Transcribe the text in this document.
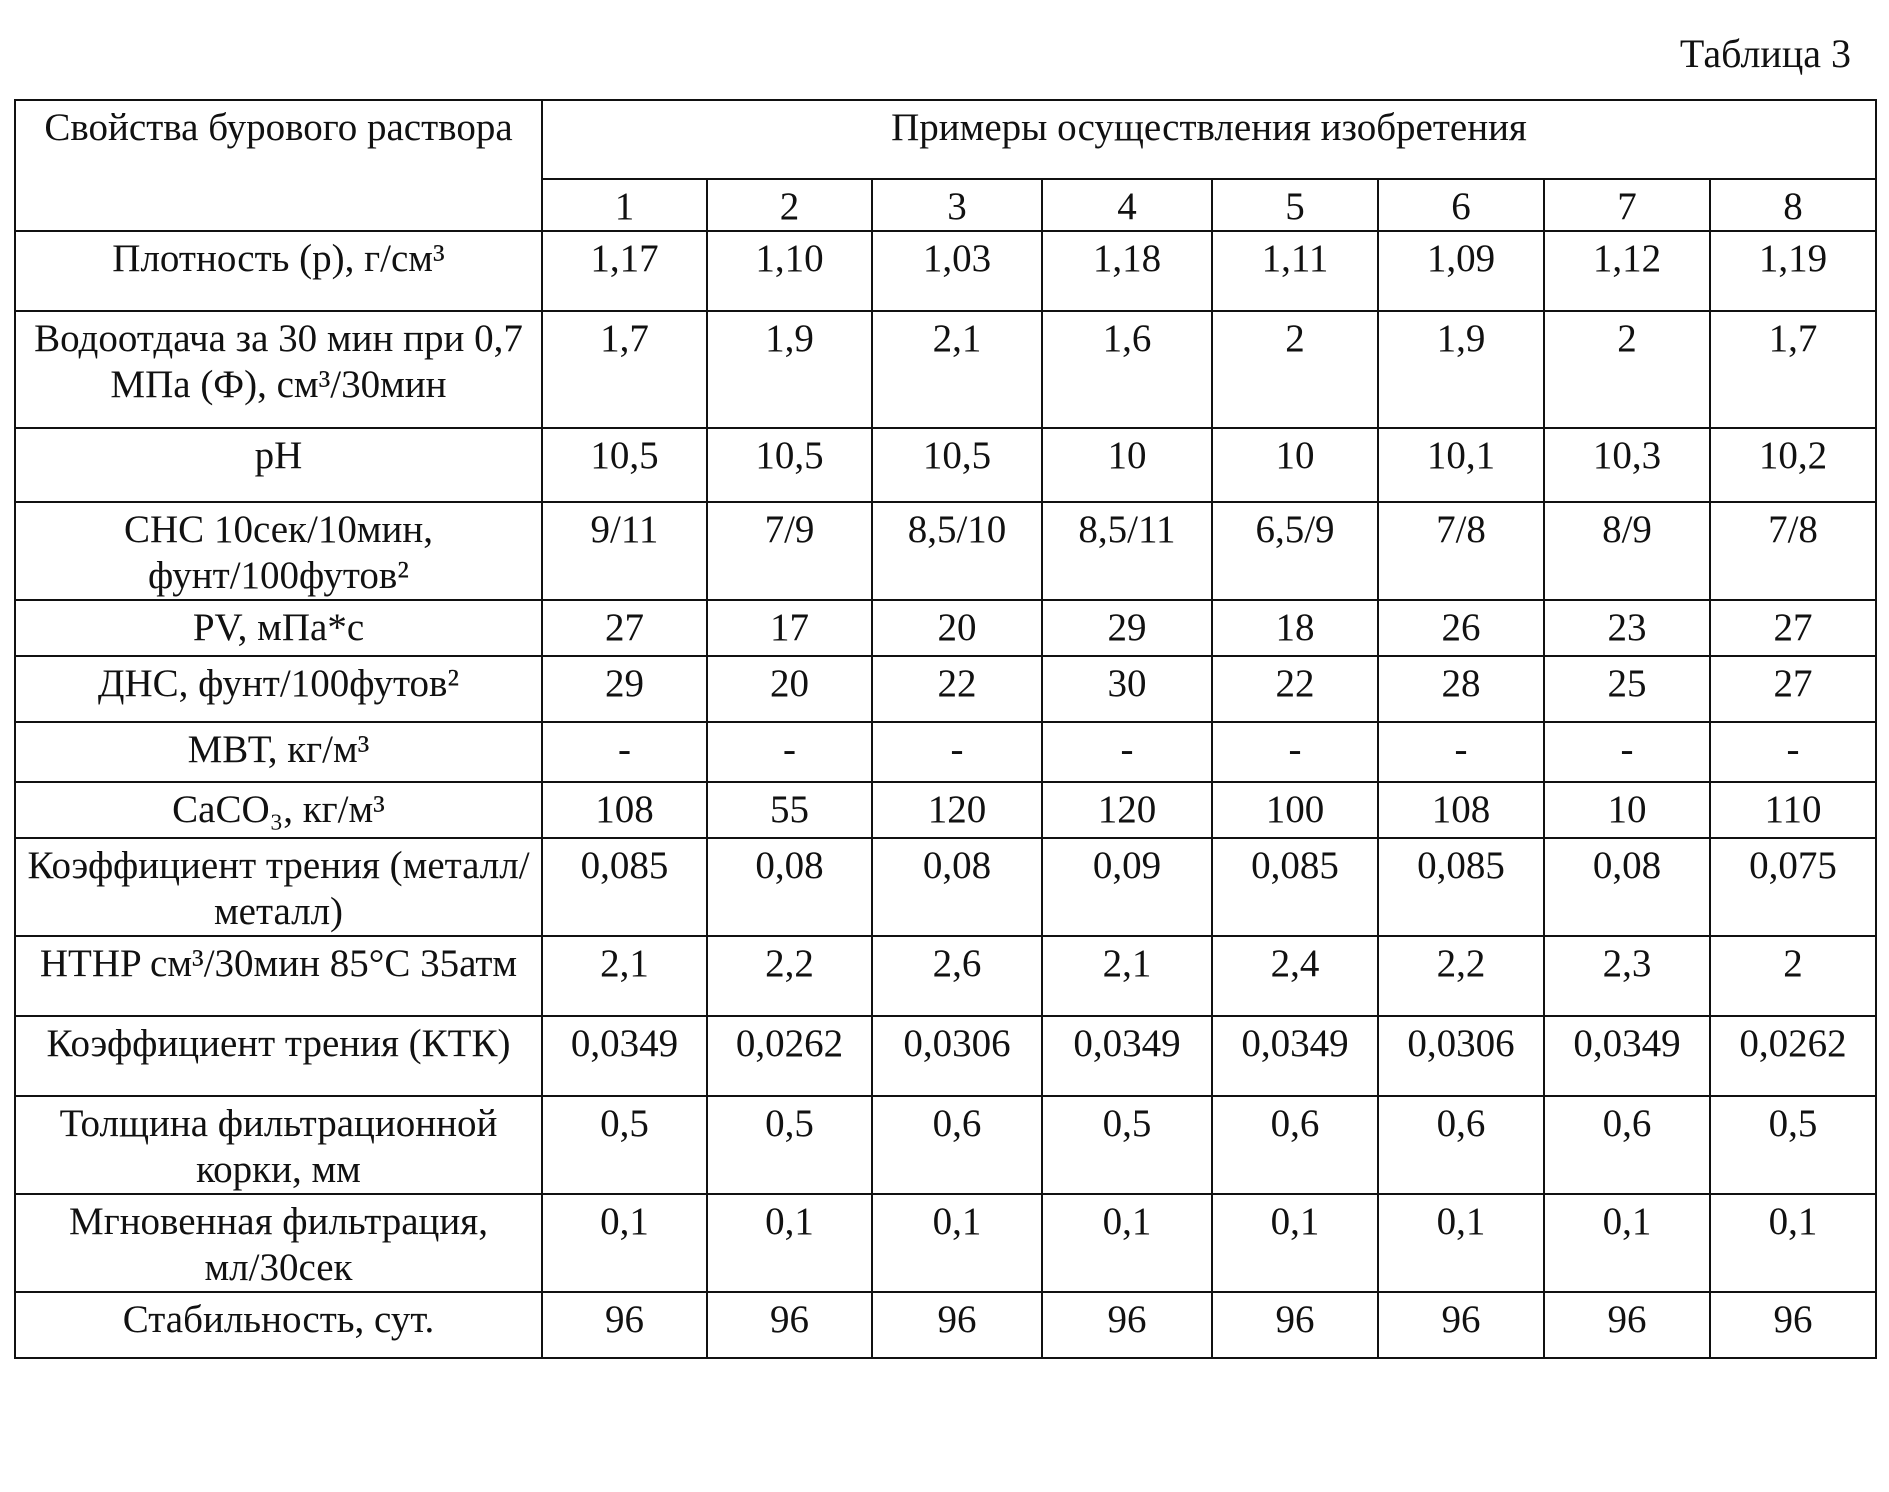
Таблица 3
Свойства бурового раствора	Примеры осуществления изобретения							
	1	2	3	4	5	6	7	8
Плотность (р), г/см³	1,17	1,10	1,03	1,18	1,11	1,09	1,12	1,19
Водоотдача за 30 мин при 0,7 МПа (Ф), см³/30мин	1,7	1,9	2,1	1,6	2	1,9	2	1,7
pH	10,5	10,5	10,5	10	10	10,1	10,3	10,2
СНС 10сек/10мин, фунт/100футов²	9/11	7/9	8,5/10	8,5/11	6,5/9	7/8	8/9	7/8
PV, мПа*с	27	17	20	29	18	26	23	27
ДНС, фунт/100футов²	29	20	22	30	22	28	25	27
МВТ, кг/м³	-	-	-	-	-	-	-	-
CaCO₃, кг/м³	108	55	120	120	100	108	10	110
Коэффициент трения (металл/металл)	0,085	0,08	0,08	0,09	0,085	0,085	0,08	0,075
HTHP см³/30мин 85°C 35атм	2,1	2,2	2,6	2,1	2,4	2,2	2,3	2
Коэффициент трения (КТК)	0,0349	0,0262	0,0306	0,0349	0,0349	0,0306	0,0349	0,0262
Толщина фильтрационной корки, мм	0,5	0,5	0,6	0,5	0,6	0,6	0,6	0,5
Мгновенная фильтрация, мл/30сек	0,1	0,1	0,1	0,1	0,1	0,1	0,1	0,1
Стабильность, сут.	96	96	96	96	96	96	96	96
